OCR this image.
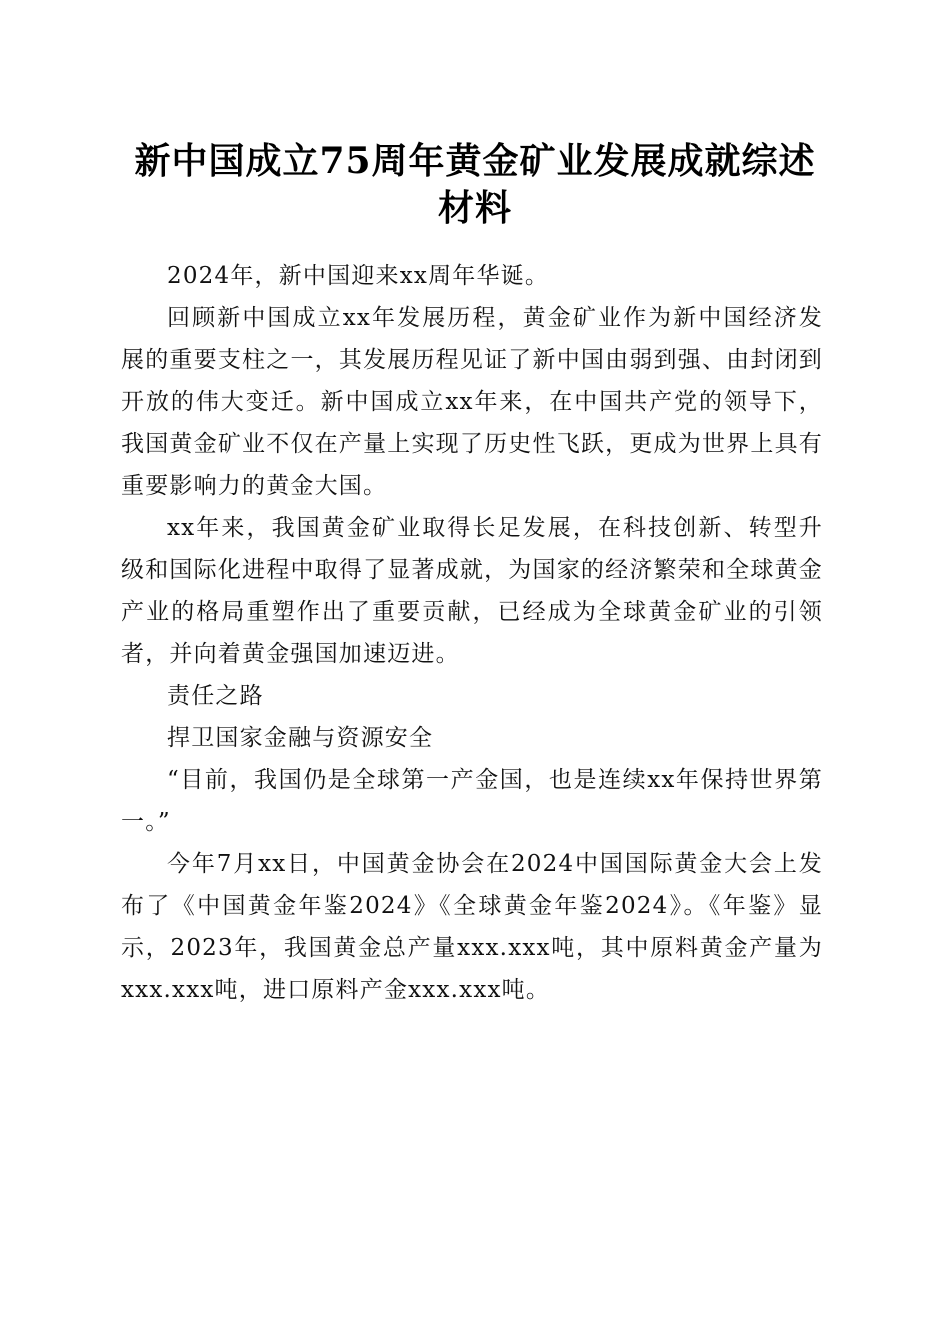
新中国成立75周年黄金矿业发展成就综述材料

2024年，新中国迎来xx周年华诞。

回顾新中国成立xx年发展历程，黄金矿业作为新中国经济发展的重要支柱之一，其发展历程见证了新中国由弱到强、由封闭到开放的伟大变迁。新中国成立xx年来，在中国共产党的领导下，我国黄金矿业不仅在产量上实现了历史性飞跃，更成为世界上具有重要影响力的黄金大国。

xx年来，我国黄金矿业取得长足发展，在科技创新、转型升级和国际化进程中取得了显著成就，为国家的经济繁荣和全球黄金产业的格局重塑作出了重要贡献，已经成为全球黄金矿业的引领者，并向着黄金强国加速迈进。

责任之路

捍卫国家金融与资源安全

“目前，我国仍是全球第一产金国，也是连续xx年保持世界第一。”

今年7月xx日，中国黄金协会在2024中国国际黄金大会上发布了《中国黄金年鉴2024》《全球黄金年鉴2024》。《年鉴》显示，2023年，我国黄金总产量xxx.xxx吨，其中原料黄金产量为xxx.xxx吨，进口原料产金xxx.xxx吨。
